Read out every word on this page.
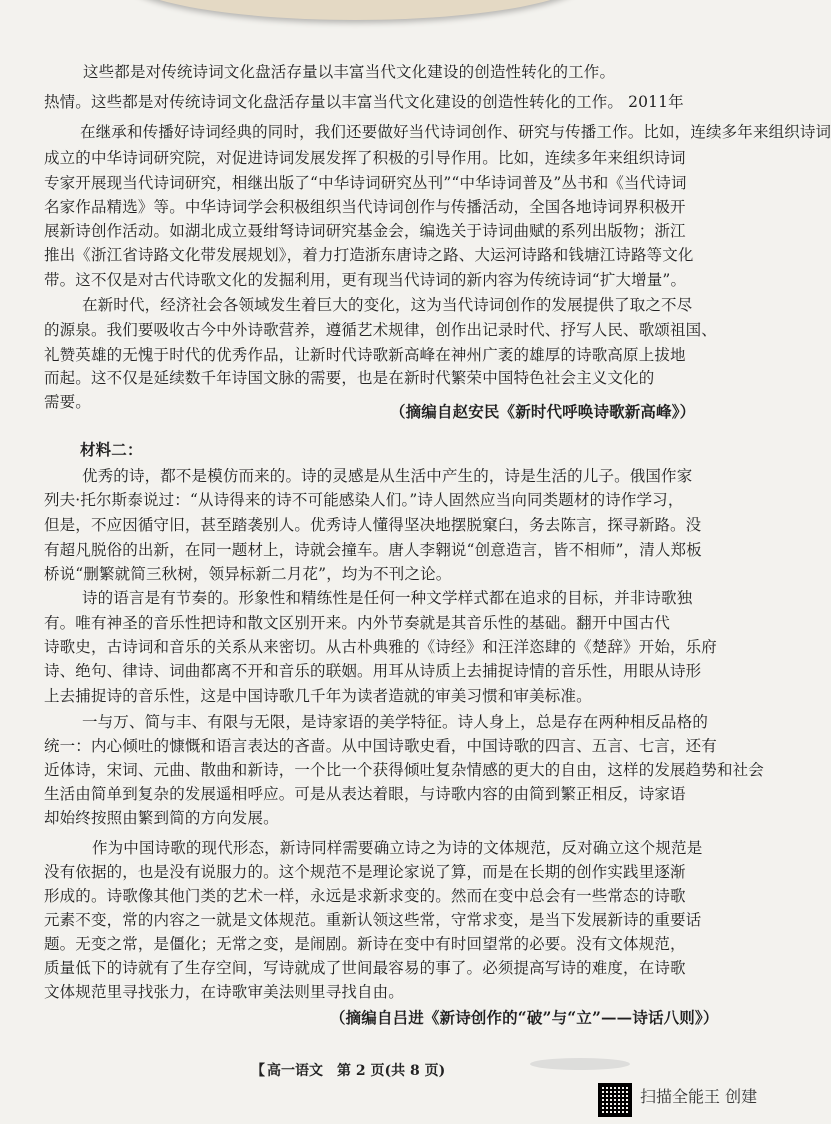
这些都是对传统诗词文化盘活存量以丰富当代文化建设的创造性转化的工作。
热情。这些都是对传统诗词文化盘活存量以丰富当代文化建设的创造性转化的工作。 2011年
在继承和传播好诗词经典的同时，我们还要做好当代诗词创作、研究与传播工作。比如，连续多年来组织诗词
成立的中华诗词研究院，对促进诗词发展发挥了积极的引导作用。比如，连续多年来组织诗词
专家开展现当代诗词研究，相继出版了“中华诗词研究丛刊”“中华诗词普及”丛书和《当代诗词
名家作品精选》等。中华诗词学会积极组织当代诗词创作与传播活动，全国各地诗词界积极开
展新诗创作活动。如湖北成立聂绀弩诗词研究基金会，编选关于诗词曲赋的系列出版物；浙江
推出《浙江省诗路文化带发展规划》，着力打造浙东唐诗之路、大运河诗路和钱塘江诗路等文化
带。这不仅是对古代诗歌文化的发掘利用，更有现当代诗词的新内容为传统诗词“扩大增量”。
在新时代，经济社会各领域发生着巨大的变化，这为当代诗词创作的发展提供了取之不尽
的源泉。我们要吸收古今中外诗歌营养，遵循艺术规律，创作出记录时代、抒写人民、歌颂祖国、
礼赞英雄的无愧于时代的优秀作品，让新时代诗歌新高峰在神州广袤的雄厚的诗歌高原上拔地
而起。这不仅是延续数千年诗国文脉的需要，也是在新时代繁荣中国特色社会主义文化的
需要。	（摘编自赵安民《新时代呼唤诗歌新高峰》）
材料二：
优秀的诗，都不是模仿而来的。诗的灵感是从生活中产生的，诗是生活的儿子。俄国作家
列夫·托尔斯泰说过：“从诗得来的诗不可能感染人们。”诗人固然应当向同类题材的诗作学习，
但是，不应因循守旧，甚至踏袭别人。优秀诗人懂得坚决地摆脱窠臼，务去陈言，探寻新路。没
有超凡脱俗的出新，在同一题材上，诗就会撞车。唐人李翱说“创意造言，皆不相师”，清人郑板
桥说“删繁就简三秋树，领异标新二月花”，均为不刊之论。
诗的语言是有节奏的。形象性和精练性是任何一种文学样式都在追求的目标，并非诗歌独
有。唯有神圣的音乐性把诗和散文区别开来。内外节奏就是其音乐性的基础。翻开中国古代
诗歌史，古诗词和音乐的关系从来密切。从古朴典雅的《诗经》和汪洋恣肆的《楚辞》开始，乐府
诗、绝句、律诗、词曲都离不开和音乐的联姻。用耳从诗质上去捕捉诗情的音乐性，用眼从诗形
上去捕捉诗的音乐性，这是中国诗歌几千年为读者造就的审美习惯和审美标准。
一与万、简与丰、有限与无限，是诗家语的美学特征。诗人身上，总是存在两种相反品格的
统一：内心倾吐的慷慨和语言表达的吝啬。从中国诗歌史看，中国诗歌的四言、五言、七言，还有
近体诗，宋词、元曲、散曲和新诗，一个比一个获得倾吐复杂情感的更大的自由，这样的发展趋势和社会
生活由简单到复杂的发展遥相呼应。可是从表达着眼，与诗歌内容的由简到繁正相反，诗家语
却始终按照由繁到简的方向发展。
作为中国诗歌的现代形态，新诗同样需要确立诗之为诗的文体规范，反对确立这个规范是
没有依据的，也是没有说服力的。这个规范不是理论家说了算，而是在长期的创作实践里逐渐
形成的。诗歌像其他门类的艺术一样，永远是求新求变的。然而在变中总会有一些常态的诗歌
元素不变，常的内容之一就是文体规范。重新认领这些常，守常求变，是当下发展新诗的重要话
题。无变之常，是僵化；无常之变，是闹剧。新诗在变中有时回望常的必要。没有文体规范，
质量低下的诗就有了生存空间，写诗就成了世间最容易的事了。必须提高写诗的难度，在诗歌
文体规范里寻找张力，在诗歌审美法则里寻找自由。
（摘编自吕进《新诗创作的“破”与“立”——诗话八则》）
【 高一语文　第 2 页(共 8 页)
扫描全能王 创建
